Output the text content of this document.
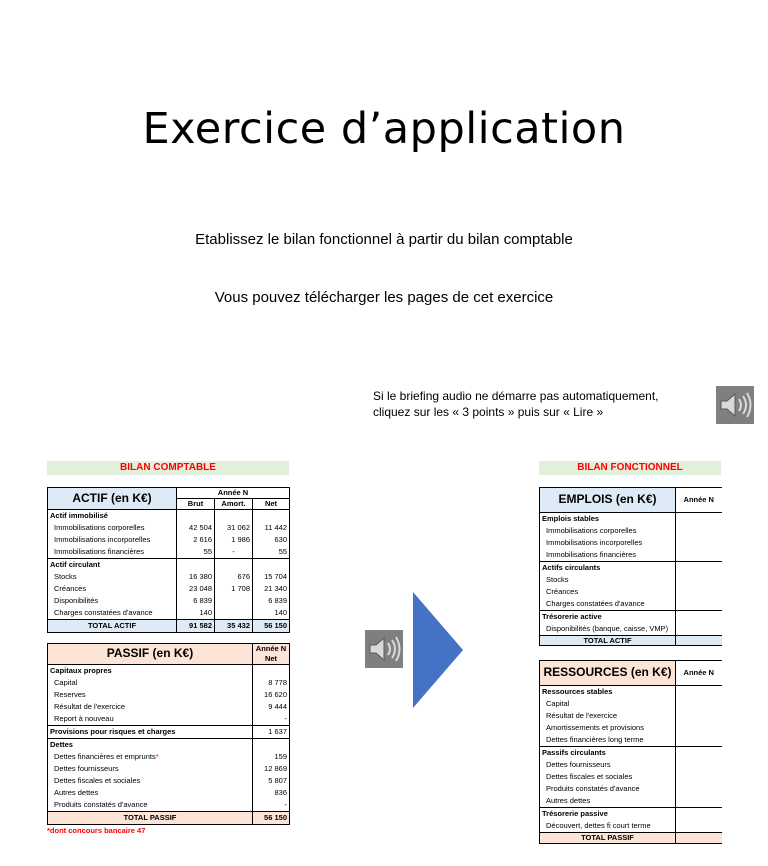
Exercice d’application
Etablissez le bilan fonctionnel à partir du bilan comptable
Vous pouvez télécharger les pages de cet exercice
Si le briefing audio ne démarre pas automatiquement,
cliquez sur les « 3 points » puis sur « Lire »
BILAN COMPTABLE
ACTIF (en K€)	Année N		
	Brut	Amort.	Net
Actif immobilisé			
Immobilisations corporelles	42 504	31 062	11 442
Immobilisations incorporelles	2 616	1 986	630
Immobilisations financières	55	-	55
Actif circulant			
Stocks	16 380	676	15 704
Créances	23 048	1 708	21 340
Disponibilités	6 839		6 839
Charges constatées d'avance	140		140
TOTAL ACTIF	91 582	35 432	56 150
PASSIF (en K€)	Année N
	Net
Capitaux propres	
Capital	8 778
Reserves	16 620
Résultat de l'exercice	9 444
Report à nouveau	-
Provisions pour risques et charges	1 637
Dettes	
Dettes financières et emprunts*	159
Dettes fournisseurs	12 869
Dettes fiscales et sociales	5 807
Autres dettes	836
Produits constatés d'avance	-
TOTAL PASSIF	56 150
*dont concours bancaire 47
BILAN FONCTIONNEL
EMPLOIS (en K€)	Année N
Emplois stables	
Immobilisations corporelles	
Immobilisations incorporelles	
Immobilisations financières	
Actifs circulants	
Stocks	
Créances	
Charges constatées d'avance	
Trésorerie active	
Disponibilités (banque, caisse, VMP)	
TOTAL ACTIF	
RESSOURCES (en K€)	Année N
Ressources stables	
Capital	
Résultat de l'exercice	
Amortissements et provisions	
Dettes financières long terme	
Passifs circulants	
Dettes fournisseurs	
Dettes fiscales et sociales	
Produits constatés d'avance	
Autres dettes	
Trésorerie passive	
Découvert, dettes fi court terme	
TOTAL PASSIF	
